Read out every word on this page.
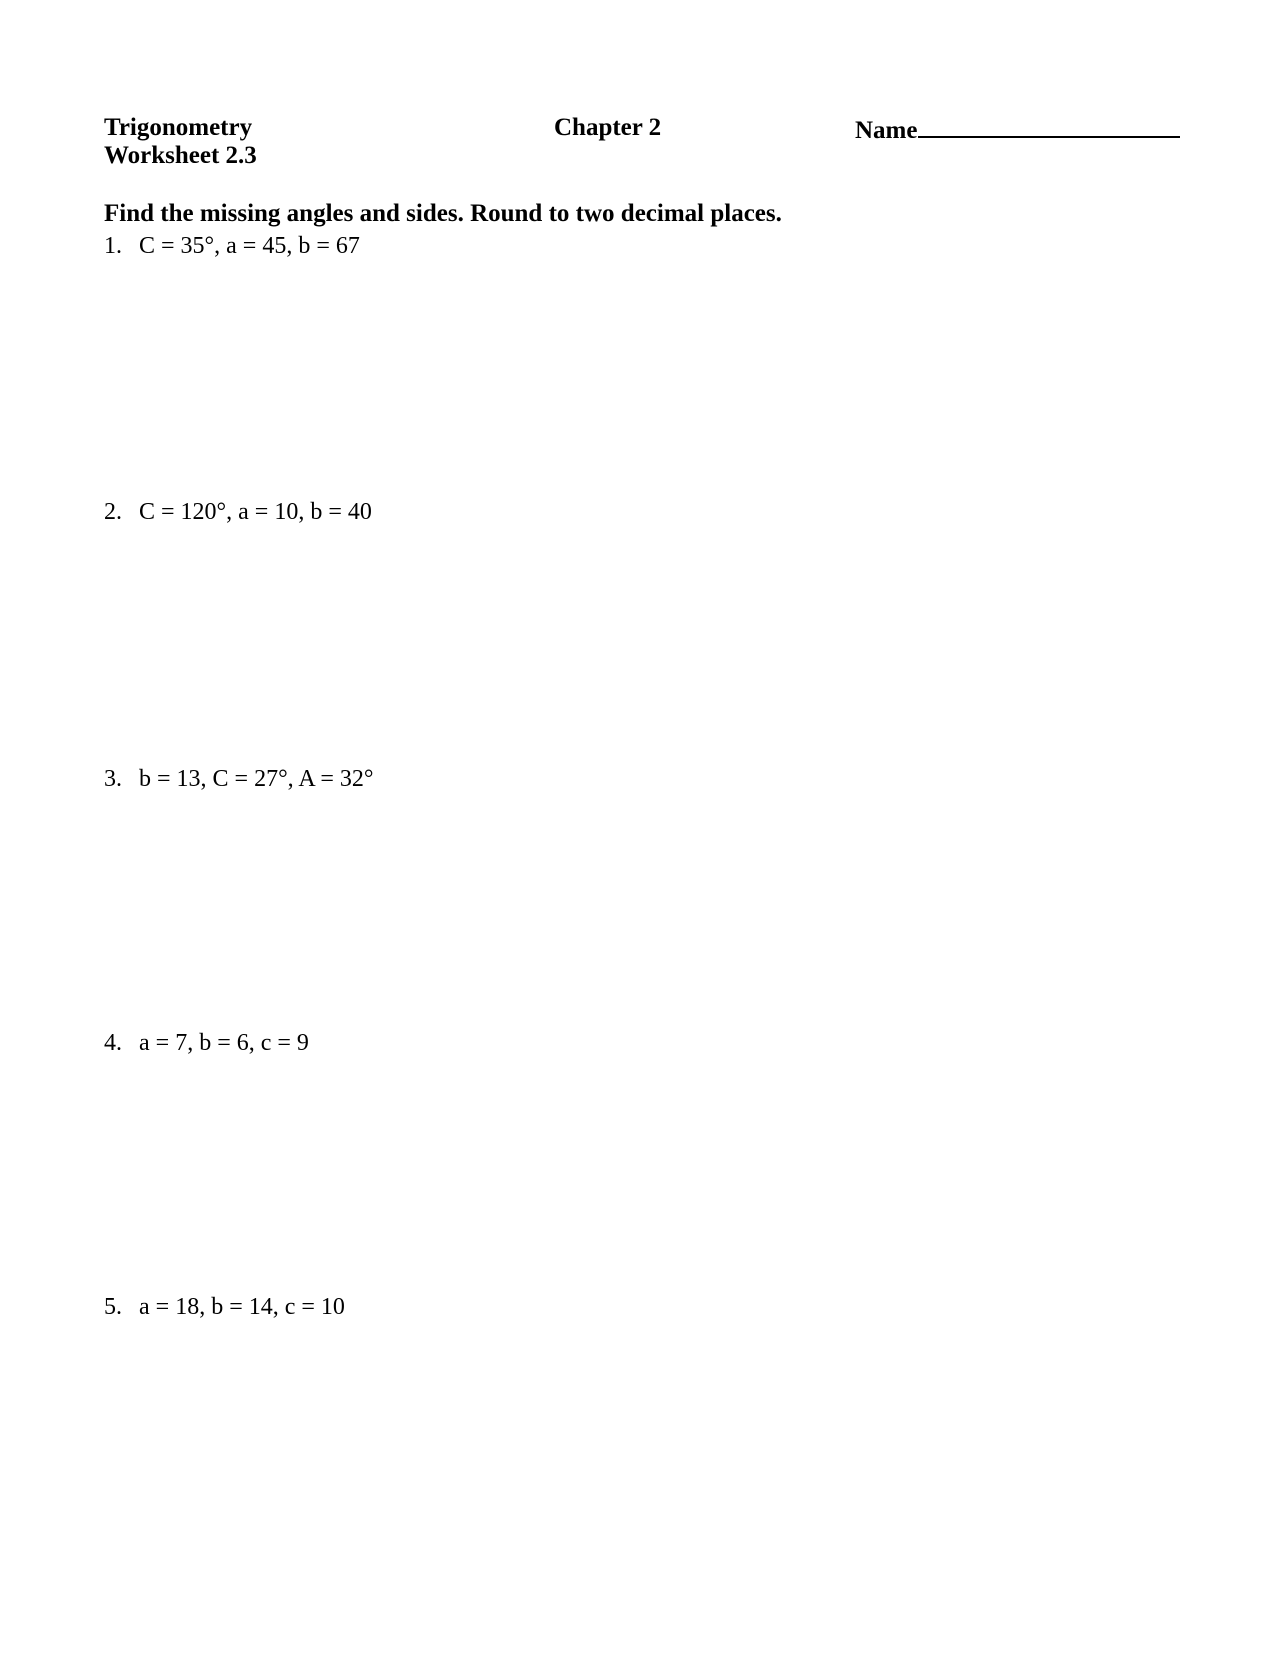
Trigonometry
Worksheet 2.3
Chapter 2	Name
Find the missing angles and sides. Round to two decimal places.
1. C = 35°, a = 45, b = 67
2. C = 120°, a = 10, b = 40
3. b = 13, C = 27°, A = 32°
4. a = 7, b = 6, c = 9
5. a = 18, b = 14, c = 10
